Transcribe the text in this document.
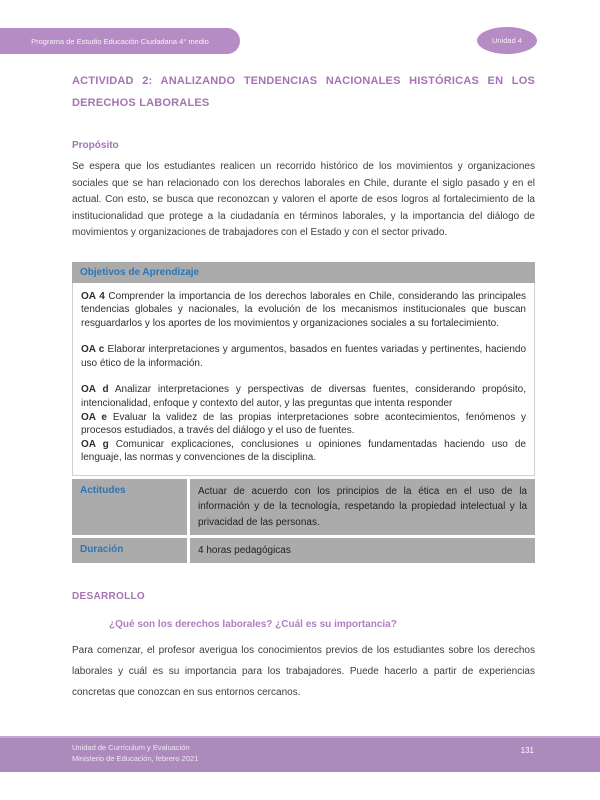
Programa de Estudio Educación Ciudadana 4° medio	Unidad 4
ACTIVIDAD 2: ANALIZANDO TENDENCIAS NACIONALES HISTÓRICAS EN LOS DERECHOS LABORALES
Propósito

Se espera que los estudiantes realicen un recorrido histórico de los movimientos y organizaciones sociales que se han relacionado con los derechos laborales en Chile, durante el siglo pasado y en el actual. Con esto, se busca que reconozcan y valoren el aporte de esos logros al fortalecimiento de la institucionalidad que protege a la ciudadanía en términos laborales, y la importancia del diálogo de movimientos y organizaciones de trabajadores con el Estado y con el sector privado.

Objetivos de Aprendizaje

OA 4 Comprender la importancia de los derechos laborales en Chile, considerando las principales tendencias globales y nacionales, la evolución de los mecanismos institucionales que buscan resguardarlos y los aportes de los movimientos y organizaciones sociales a su fortalecimiento.

OA c Elaborar interpretaciones y argumentos, basados en fuentes variadas y pertinentes, haciendo uso ético de la información.

OA d Analizar interpretaciones y perspectivas de diversas fuentes, considerando propósito, intencionalidad, enfoque y contexto del autor, y las preguntas que intenta responder

OA e Evaluar la validez de las propias interpretaciones sobre acontecimientos, fenómenos y procesos estudiados, a través del diálogo y el uso de fuentes.

OA g Comunicar explicaciones, conclusiones u opiniones fundamentadas haciendo uso de lenguaje, las normas y convenciones de la disciplina.

Actitudes	Actuar de acuerdo con los principios de la ética en el uso de la información y de la tecnología, respetando la propiedad intelectual y la privacidad de las personas.
Duración	4 horas pedagógicas
DESARROLLO
¿Qué son los derechos laborales? ¿Cuál es su importancia?

Para comenzar, el profesor averigua los conocimientos previos de los estudiantes sobre los derechos laborales y cuál es su importancia para los trabajadores. Puede hacerlo a partir de experiencias concretas que conozcan en sus entornos cercanos.

Unidad de Currículum y Evaluación
Ministerio de Educación, febrero 2021
131
